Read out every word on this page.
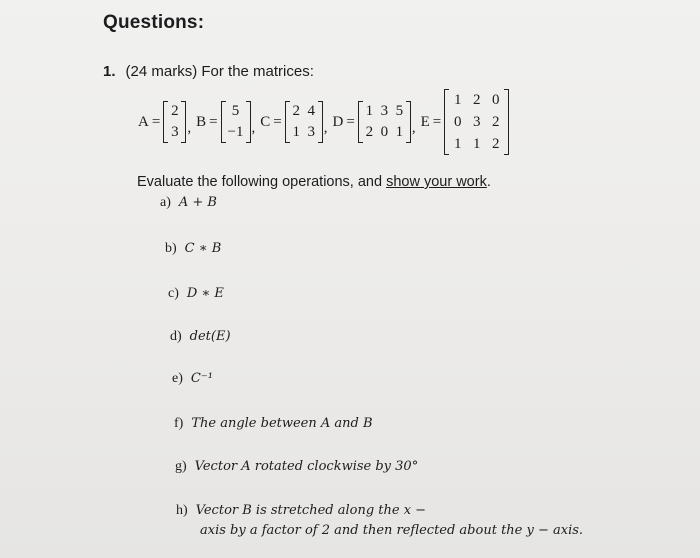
Questions:
1. (24 marks) For the matrices:
A =
2
3 , B =
5
−1 , C =
2
1
4
3 , D =
1
2
3
0
5
1 , E =
1
0
1
2
3
1
0
2
2
Evaluate the following operations, and show your work.
a) A + B
b) C ∗ B
c) D ∗ E
d) det(E)
e) C⁻¹
f) The angle between A and B
g) Vector A rotated clockwise by 30°
h) Vector B is stretched along the x −
axis by a factor of 2 and then reflected about the y − axis.
